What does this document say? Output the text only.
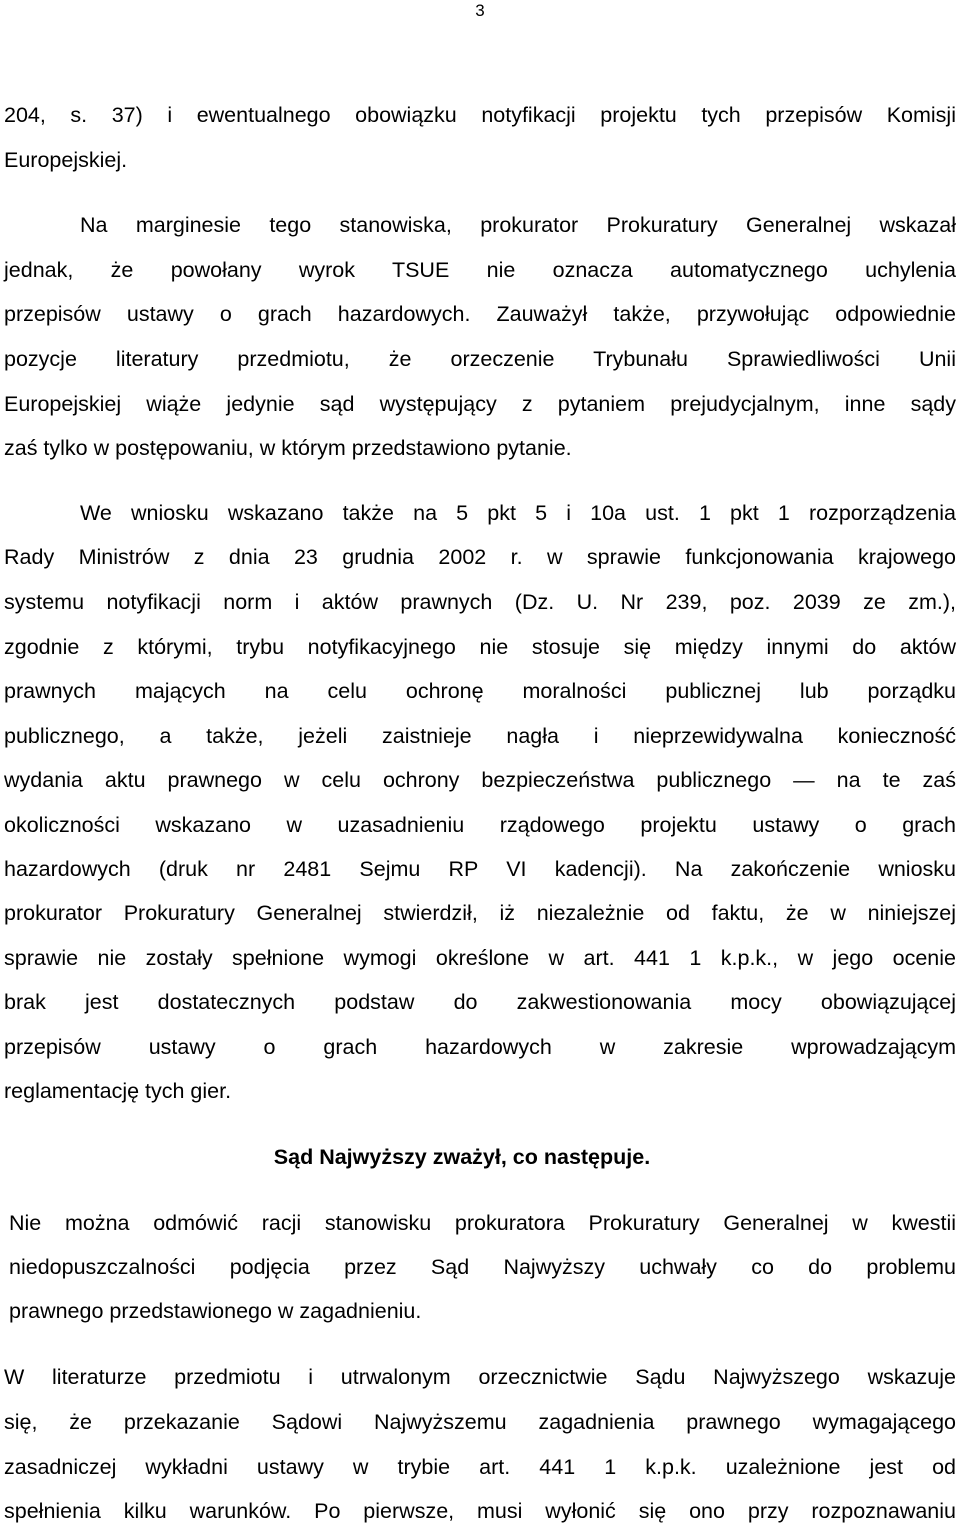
3
204, s. 37) i ewentualnego obowiązku notyfikacji projektu tych przepisów Komisji
Europejskiej.
Na marginesie tego stanowiska, prokurator Prokuratury Generalnej wskazał
jednak, że powołany wyrok TSUE nie oznacza automatycznego uchylenia
przepisów ustawy o grach hazardowych. Zauważył także, przywołując odpowiednie
pozycje literatury przedmiotu, że orzeczenie Trybunału Sprawiedliwości Unii
Europejskiej wiąże jedynie sąd występujący z pytaniem prejudycjalnym, inne sądy
zaś tylko w postępowaniu, w którym przedstawiono pytanie.
We wniosku wskazano także na 5 pkt 5 i 10a ust. 1 pkt 1 rozporządzenia
Rady Ministrów z dnia 23 grudnia 2002 r. w sprawie funkcjonowania krajowego
systemu notyfikacji norm i aktów prawnych (Dz. U. Nr 239, poz. 2039 ze zm.),
zgodnie z którymi, trybu notyfikacyjnego nie stosuje się między innymi do aktów
prawnych mających na celu ochronę moralności publicznej lub porządku
publicznego, a także, jeżeli zaistnieje nagła i nieprzewidywalna konieczność
wydania aktu prawnego w celu ochrony bezpieczeństwa publicznego — na te zaś
okoliczności wskazano w uzasadnieniu rządowego projektu ustawy o grach
hazardowych (druk nr 2481 Sejmu RP VI kadencji). Na zakończenie wniosku
prokurator Prokuratury Generalnej stwierdził, iż niezależnie od faktu, że w niniejszej
sprawie nie zostały spełnione wymogi określone w art. 441 1 k.p.k., w jego ocenie
brak jest dostatecznych podstaw do zakwestionowania mocy obowiązującej
przepisów ustawy o grach hazardowych w zakresie wprowadzającym
reglamentację tych gier.
Sąd Najwyższy zważył, co następuje.
Nie można odmówić racji stanowisku prokuratora Prokuratury Generalnej w kwestii
niedopuszczalności podjęcia przez Sąd Najwyższy uchwały co do problemu
prawnego przedstawionego w zagadnieniu.
W literaturze przedmiotu i utrwalonym orzecznictwie Sądu Najwyższego wskazuje
się, że przekazanie Sądowi Najwyższemu zagadnienia prawnego wymagającego
zasadniczej wykładni ustawy w trybie art. 441 1 k.p.k. uzależnione jest od
spełnienia kilku warunków. Po pierwsze, musi wyłonić się ono przy rozpoznawaniu
